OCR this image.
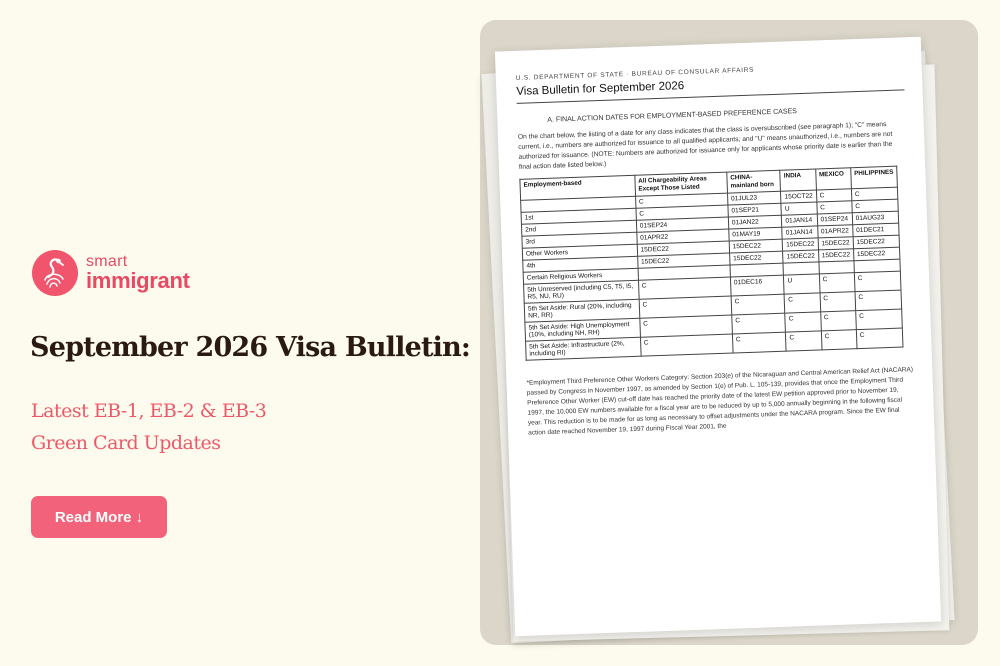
smart
immigrant
September 2026 Visa Bulletin:

Latest EB-1, EB-2 & EB-3
Green Card Updates

Read More ↓
U.S. DEPARTMENT OF STATE · BUREAU OF CONSULAR AFFAIRS
Visa Bulletin for September 2026
A. FINAL ACTION DATES FOR EMPLOYMENT-BASED PREFERENCE CASES
On the chart below, the listing of a date for any class indicates that the class is oversubscribed (see paragraph 1); "C" means current, i.e., numbers are authorized for issuance to all qualified applicants; and "U" means unauthorized, i.e., numbers are not authorized for issuance. (NOTE: Numbers are authorized for issuance only for applicants whose priority date is earlier than the final action date listed below.)
Employment-based	All Chargeability Areas Except Those Listed	CHINA-mainland born	INDIA	MEXICO	PHILIPPINES
	C	01JUL23	15OCT22	C	C
1st	C	01SEP21	U	C	C
2nd	01SEP24	01JAN22	01JAN14	01SEP24	01AUG23
3rd	01APR22	01MAY19	01JAN14	01APR22	01DEC21
Other Workers	15DEC22	15DEC22	15DEC22	15DEC22	15DEC22
4th	15DEC22	15DEC22	15DEC22	15DEC22	15DEC22
Certain Religious Workers					
5th Unreserved (including C5, T5, I5, R5, NU, RU)	C	01DEC16	U	C	C
5th Set Aside: Rural (20%, including NR, RR)	C	C	C	C	C
5th Set Aside: High Unemployment (10%, including NH, RH)	C	C	C	C	C
5th Set Aside: Infrastructure (2%, including RI)	C	C	C	C	C
*Employment Third Preference Other Workers Category: Section 203(e) of the Nicaraguan and Central American Relief Act (NACARA) passed by Congress in November 1997, as amended by Section 1(e) of Pub. L. 105-139, provides that once the Employment Third Preference Other Worker (EW) cut-off date has reached the priority date of the latest EW petition approved prior to November 19, 1997, the 10,000 EW numbers available for a fiscal year are to be reduced by up to 5,000 annually beginning in the following fiscal year. This reduction is to be made for as long as necessary to offset adjustments under the NACARA program. Since the EW final action date reached November 19, 1997 during Fiscal Year 2001, the
